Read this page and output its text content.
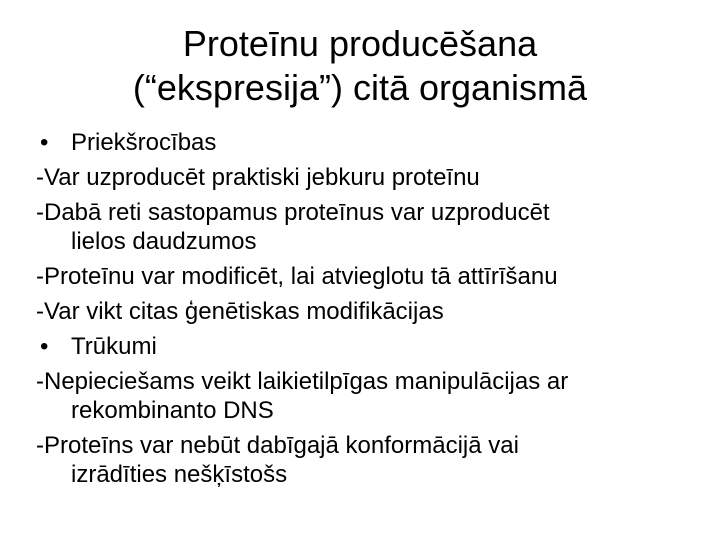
Proteīnu producēšana
(“ekspresija”) citā organismā
• Priekšrocības
-Var uzproducēt praktiski jebkuru proteīnu
-Dabā reti sastopamus proteīnus var uzproducēt
lielos daudzumos
-Proteīnu var modificēt, lai atvieglotu tā attīrīšanu
-Var vikt citas ģenētiskas modifikācijas
• Trūkumi
-Nepieciešams veikt laikietilpīgas manipulācijas ar
rekombinanto DNS
-Proteīns var nebūt dabīgajā konformācijā vai
izrādīties nešķīstošs
